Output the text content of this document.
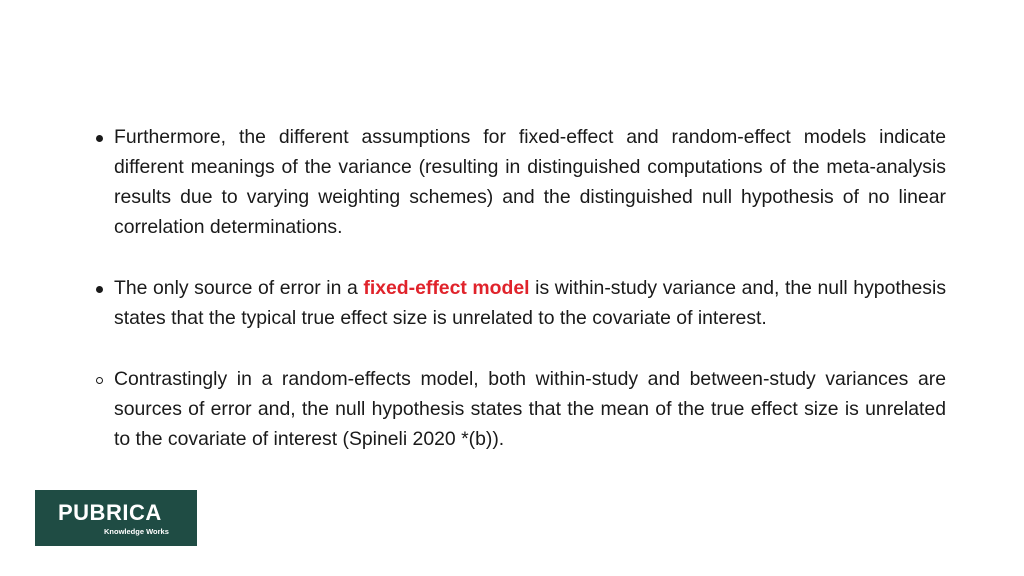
Furthermore, the different assumptions for fixed-effect and random-effect models indicate different meanings of the variance (resulting in distinguished computations of the meta-analysis results due to varying weighting schemes) and the distinguished null hypothesis of no linear correlation determinations.
The only source of error in a fixed-effect model is within-study variance and, the null hypothesis states that the typical true effect size is unrelated to the covariate of interest.
Contrastingly in a random-effects model, both within-study and between-study variances are sources of error and, the null hypothesis states that the mean of the true effect size is unrelated to the covariate of interest (Spineli 2020 *(b)).
PUBRICA
Knowledge Works
